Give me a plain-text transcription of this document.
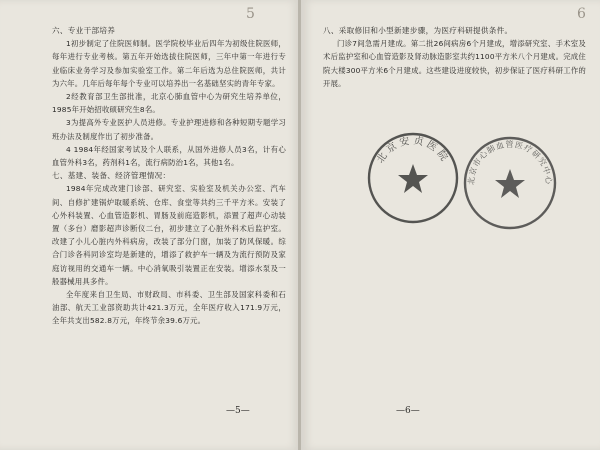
5

六、专业干部培养

1初步制定了住院医师制。医学院校毕业后四年为初级住院医师，每年进行专业考核。第五年开始选拔住院医师，三年中第一年进行专业临床业务学习及参加实验室工作。第二年后选为总住院医师，共计为六年。几年后每年每个专业可以培养出一名基础坚实的青年专家。

2经教育部卫生部批准，北京心肺血管中心为研究生培养单位，1985年开始招收硕研究生8名。

3为提高外专业医护人员进修。专业护理进修和各种短期专题学习班办法及制度作出了初步准备。

4 1984年经国家考试及个人联系，从国外进修人员3名，计有心血管外科3名，药剂科1名，流行病防治1名，其他1名。

七、基建、装备、经济管理情况：

1984年完成改建门诊部、研究室、实验室及机关办公室、汽车间、自修扩建锅炉取暖系统、仓库、食堂等共约三千平方米。安装了心外科装置、心血管造影机、胃肠及前庭造影机，添置了超声心动装置（多台）磨影超声诊断仪二台，初步建立了心脏外科术后监护室。改建了小儿心脏内外科病房，改装了部分门窗，加装了防风保暖。综合门诊各科同诊室均是新建的，增添了救护车一辆及为流行预防及家庭访视用的交通车一辆。中心消氧吸引装置正在安装。增添水泵及一般器械用具多件。

全年度来自卫生局、市财政局、市科委、卫生部及国家科委和石油部、航天工业部资助共计421.3万元，全年医疗收入171.9万元，全年共支出582.8万元，年终节余39.6万元。

—5—
6

八、采取修旧和小型新建步骤，为医疗科研提供条件。

门诊7间急需月建成。第二批26间病房6个月建成，增添研究室、手术室及术后监护室和心血管造影及肾动脉造影室共约1100平方米八个月建成。完成住院大楼300平方米6个月建成。这些建设进度较快，初步保证了医疗科研工作的开展。

北京安贞医院
北京市心肺血管医疗研究中心
—6—
